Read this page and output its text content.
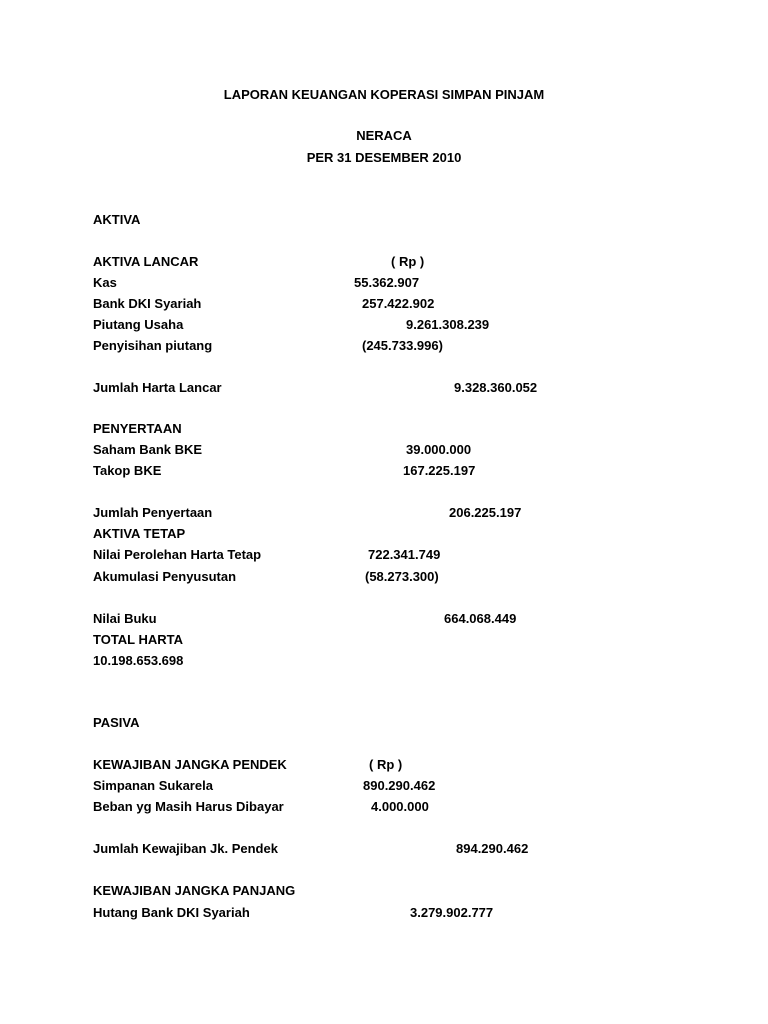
LAPORAN KEUANGAN KOPERASI SIMPAN PINJAM
NERACA
PER 31 DESEMBER 2010
AKTIVA
AKTIVA LANCAR	( Rp )
Kas	55.362.907
Bank DKI Syariah	257.422.902
Piutang Usaha	9.261.308.239
Penyisihan piutang	(245.733.996)
Jumlah Harta Lancar	9.328.360.052
PENYERTAAN
Saham Bank BKE	39.000.000
Takop BKE	167.225.197
Jumlah Penyertaan	206.225.197
AKTIVA TETAP
Nilai Perolehan Harta Tetap	722.341.749
Akumulasi Penyusutan	(58.273.300)
Nilai Buku	664.068.449
TOTAL HARTA
10.198.653.698
PASIVA
KEWAJIBAN JANGKA PENDEK	( Rp )
Simpanan Sukarela	890.290.462
Beban yg Masih Harus Dibayar	4.000.000
Jumlah Kewajiban Jk. Pendek	894.290.462
KEWAJIBAN JANGKA PANJANG
Hutang Bank DKI Syariah	3.279.902.777
